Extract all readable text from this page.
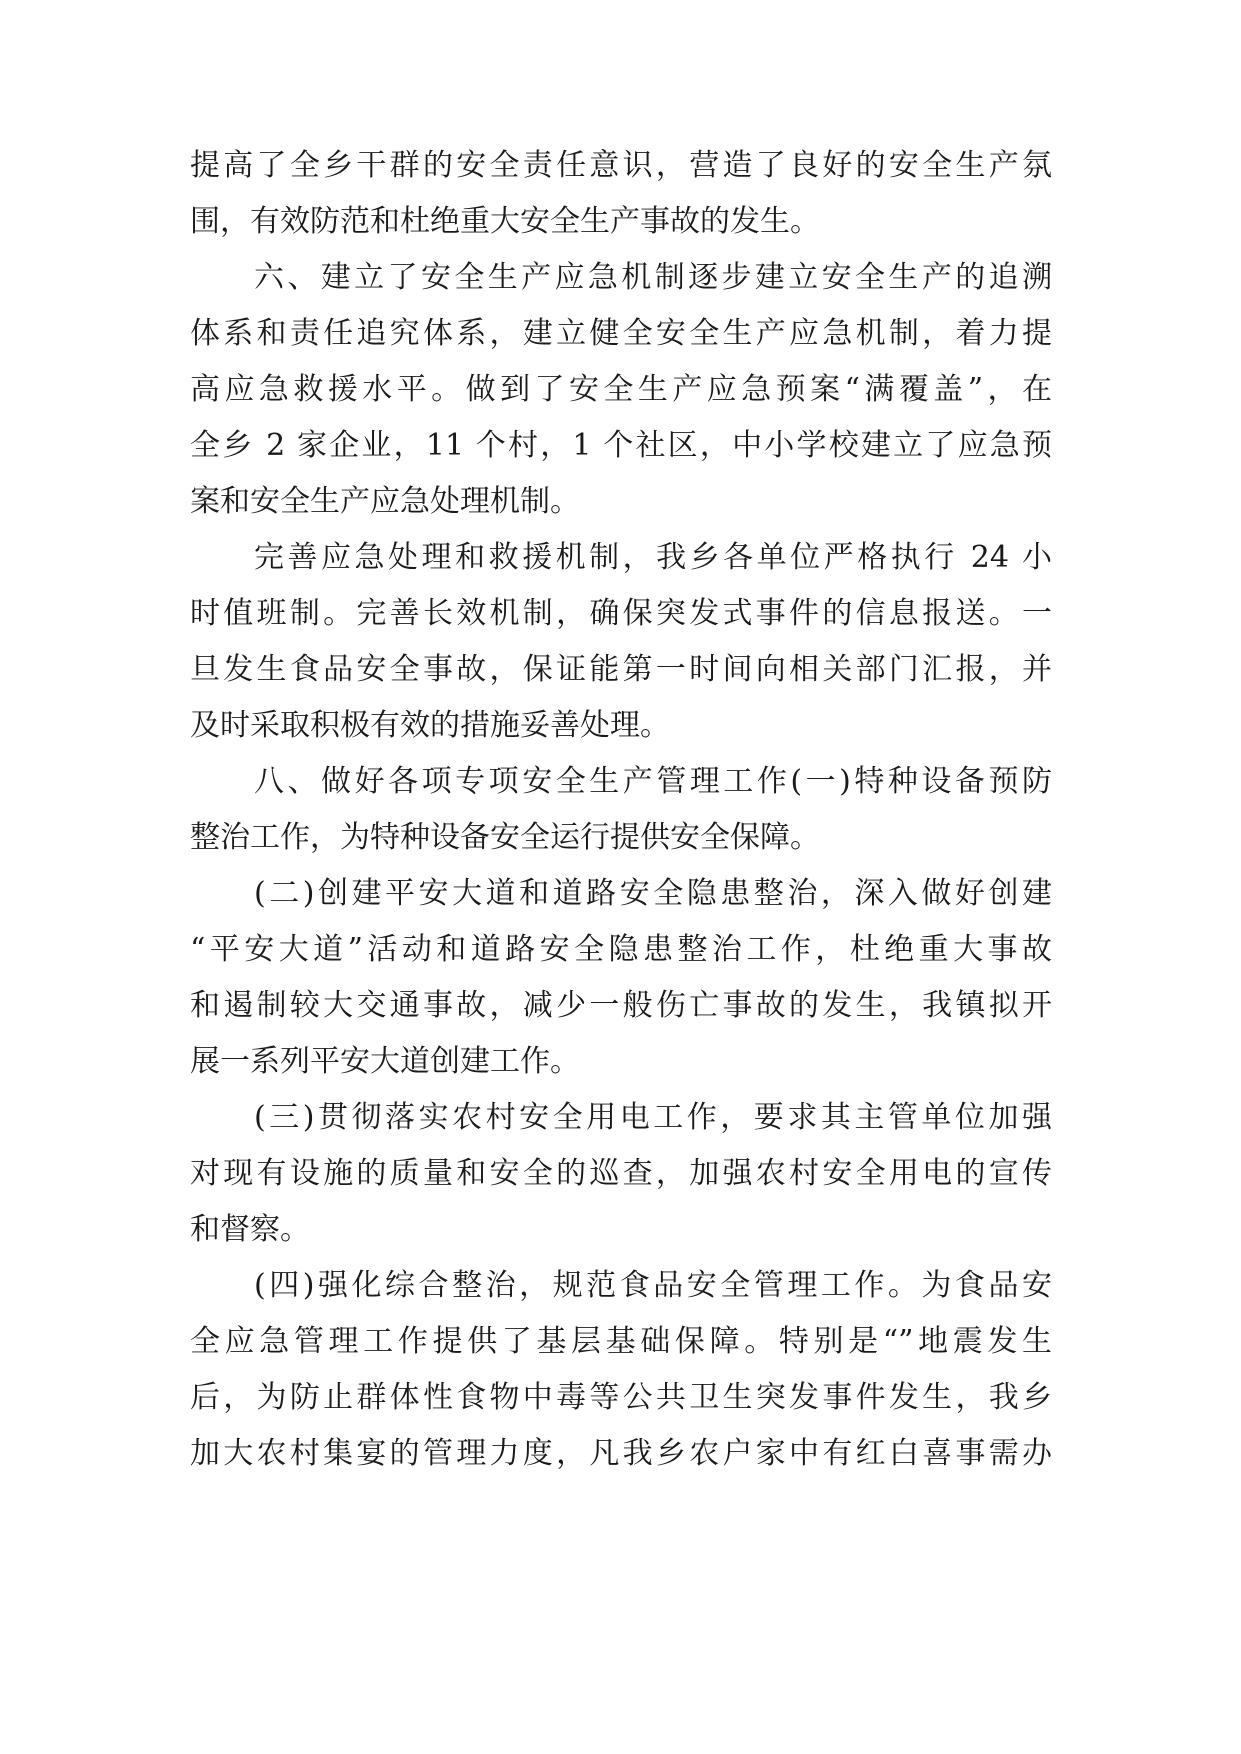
提高了全乡干群的安全责任意识，营造了良好的安全生产氛
围，有效防范和杜绝重大安全生产事故的发生。
六、建立了安全生产应急机制逐步建立安全生产的追溯
体系和责任追究体系，建立健全安全生产应急机制，着力提
高应急救援水平。做到了安全生产应急预案“满覆盖”，在
全乡 2 家企业，11 个村，1 个社区，中小学校建立了应急预
案和安全生产应急处理机制。
完善应急处理和救援机制，我乡各单位严格执行 24 小
时值班制。完善长效机制，确保突发式事件的信息报送。一
旦发生食品安全事故，保证能第一时间向相关部门汇报，并
及时采取积极有效的措施妥善处理。
八、做好各项专项安全生产管理工作(一)特种设备预防
整治工作，为特种设备安全运行提供安全保障。
(二)创建平安大道和道路安全隐患整治，深入做好创建
“平安大道”活动和道路安全隐患整治工作，杜绝重大事故
和遏制较大交通事故，减少一般伤亡事故的发生，我镇拟开
展一系列平安大道创建工作。
(三)贯彻落实农村安全用电工作，要求其主管单位加强
对现有设施的质量和安全的巡查，加强农村安全用电的宣传
和督察。
(四)强化综合整治，规范食品安全管理工作。为食品安
全应急管理工作提供了基层基础保障。特别是“”地震发生
后，为防止群体性食物中毒等公共卫生突发事件发生，我乡
加大农村集宴的管理力度，凡我乡农户家中有红白喜事需办
